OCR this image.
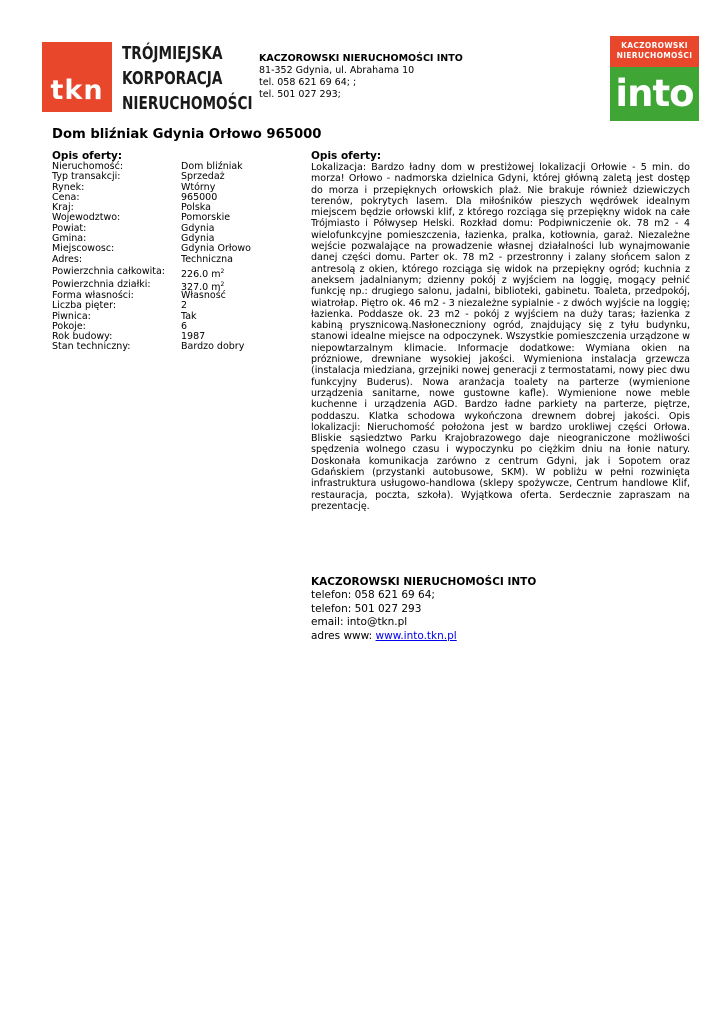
tkn
TRÓJMIEJSKA
KORPORACJA
NIERUCHOMOŚCI
KACZOROWSKI NIERUCHOMOŚCI INTO
81-352 Gdynia, ul. Abrahama 10
tel. 058 621 69 64; ;
tel. 501 027 293;
KACZOROWSKI
NIERUCHOMOŚCI
into
Dom bliźniak Gdynia Orłowo 965000
Opis oferty:
Nieruchomość:	Dom bliźniak
Typ transakcji:	Sprzedaż
Rynek:	Wtórny
Cena:	965000
Kraj:	Polska
Wojewodztwo:	Pomorskie
Powiat:	Gdynia
Gmina:	Gdynia
Miejscowosc:	Gdynia Orłowo
Adres:	Techniczna
Powierzchnia całkowita: 226.0 $m^2$
Powierzchnia działki:	327.0 $m^2$
Forma własności:	Własność
Liczba pięter:	2
Piwnica:	Tak
Pokoje:	6
Rok budowy:	1987
Stan techniczny:	Bardzo dobry
Opis oferty:

Lokalizacja: Bardzo ładny dom w prestiżowej lokalizacji Orłowie - 5 min. do morza! Orłowo - nadmorska dzielnica Gdyni, której główną zaletą jest dostęp do morza i przepięknych orłowskich plaż. Nie brakuje również dziewiczych terenów, pokrytych lasem. Dla miłośników pieszych wędrówek idealnym miejscem będzie orłowski klif, z którego rozciąga się przepiękny widok na całe Trójmiasto i Półwysep Helski. Rozkład domu: Podpiwniczenie ok. 78 m2 - 4 wielofunkcyjne pomieszczenia, łazienka, pralka, kotłownia, garaż. Niezależne wejście pozwalające na prowadzenie własnej działalności lub wynajmowanie danej części domu. Parter ok. 78 m2 - przestronny i zalany słońcem salon z antresolą z okien, którego rozciąga się widok na przepiękny ogród; kuchnia z aneksem jadalnianym; dzienny pokój z wyjściem na loggię, mogący pełnić funkcję np.: drugiego salonu, jadalni, biblioteki, gabinetu. Toaleta, przedpokój, wiatrołap. Piętro ok. 46 m2 - 3 niezależne sypialnie - z dwóch wyjście na loggię; łazienka. Poddasze ok. 23 m2 - pokój z wyjściem na duży taras; łazienka z kabiną prysznicową.Nasłoneczniony ogród, znajdujący się z tyłu budynku, stanowi idealne miejsce na odpoczynek. Wszystkie pomieszczenia urządzone w niepowtarzalnym klimacie. Informacje dodatkowe: Wymiana okien na prózniowe, drewniane wysokiej jakości. Wymieniona instalacja grzewcza (instalacja miedziana, grzejniki nowej generacji z termostatami, nowy piec dwu funkcyjny Buderus). Nowa aranżacja toalety na parterze (wymienione urządzenia sanitarne, nowe gustowne kafle). Wymienione nowe meble kuchenne i urządzenia AGD. Bardzo ładne parkiety na parterze, piętrze, poddaszu. Klatka schodowa wykończona drewnem dobrej jakości. Opis lokalizacji: Nieruchomość położona jest w bardzo urokliwej części Orłowa. Bliskie sąsiedztwo Parku Krajobrazowego daje nieograniczone możliwości spędzenia wolnego czasu i wypoczynku po ciężkim dniu na łonie natury. Doskonała komunikacja zarówno z centrum Gdyni, jak i Sopotem oraz Gdańskiem (przystanki autobusowe, SKM). W pobliżu w pełni rozwinięta infrastruktura usługowo-handlowa (sklepy spożywcze, Centrum handlowe Klif, restauracja, poczta, szkoła). Wyjątkowa oferta. Serdecznie zapraszam na prezentację.

KACZOROWSKI NIERUCHOMOŚCI INTO
telefon: 058 621 69 64;
telefon: 501 027 293
email: into@tkn.pl
adres www: www.into.tkn.pl
